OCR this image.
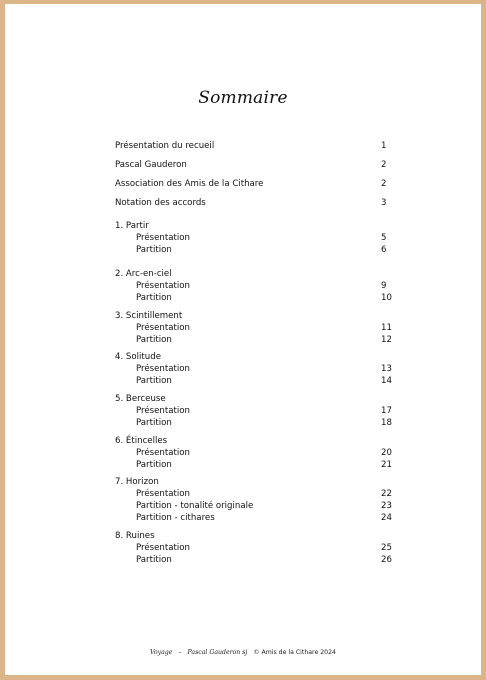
Sommaire
Présentation du recueil	1
Pascal Gauderon	2
Association des Amis de la Cithare	2
Notation des accords	3
1. Partir
Présentation	5
Partition	6
2. Arc-en-ciel
Présentation	9
Partition	10
3. Scintillement
Présentation	11
Partition	12
4. Solitude
Présentation	13
Partition	14
5. Berceuse
Présentation	17
Partition	18
6. Étincelles
Présentation	20
Partition	21
7. Horizon
Présentation	22
Partition - tonalité originale	23
Partition - cithares	24
8. Ruines
Présentation	25
Partition	26
Voyage – Pascal Gauderon sj © Amis de la Cithare 2024
